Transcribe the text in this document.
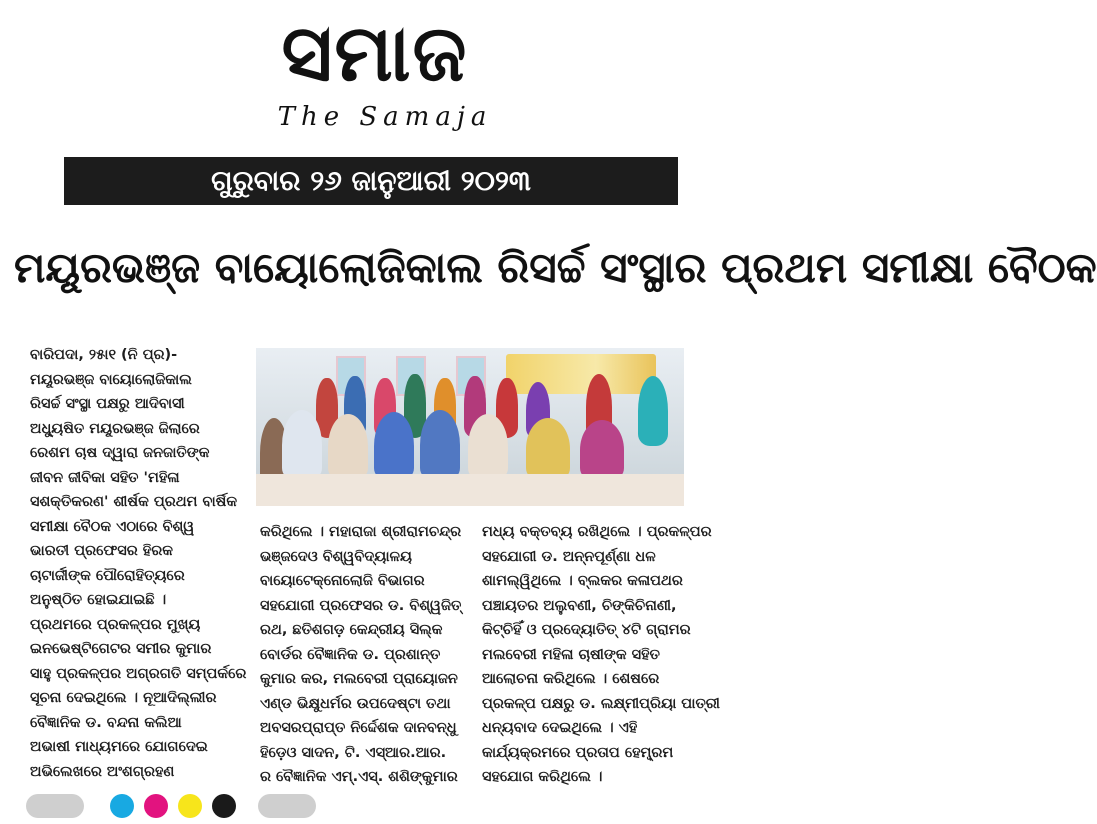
ସମାଜ
The Samaja
ଗୁରୁବାର ୨୬ ଜାନୁଆରୀ ୨୦୨୩
ମୟୂରଭଞ୍ଜ ବାୟୋଲୋଜିକାଲ ରିସର୍ଚ୍ଚ ସଂସ୍ଥାର ପ୍ରଥମ ସମୀକ୍ଷା ବୈଠକ

ବାରିପଦା, ୨୫ା୧ (ନି ପ୍ର)-

ମୟୂରଭଞ୍ଜ ବାୟୋଲୋଜିକାଲ

ରିସର୍ଚ୍ଚ ସଂସ୍ଥା ପକ୍ଷରୁ ଆଦିବାସୀ

ଅଧ୍ୟୁଷିତ ମୟୂରଭଞ୍ଜ ଜିଲାରେ

ରେଶମ ଚାଷ ଦ୍ୱାରା ଜନଜାତିଙ୍କ

ଜୀବନ ଜୀବିକା ସହିତ 'ମହିଳା

ସଶକ୍ତିକରଣ' ଶୀର୍ଷକ ପ୍ରଥମ ବାର୍ଷିକ

ସମୀକ୍ଷା ବୈଠକ ଏଠାରେ ବିଶ୍ୱ

ଭାରତୀ ପ୍ରଫେସର ହିରକ

ଚାଟାର୍ଜୀଙ୍କ ପୌରୋହିତ୍ୟରେ

ଅନୁଷ୍ଠିତ ହୋଇଯାଇଛି ।

ପ୍ରଥମରେ ପ୍ରକଳ୍ପର ମୁଖ୍ୟ

ଇନଭେଷ୍ଟିଗେଟର ସମୀର କୁମାର

ସାହୁ ପ୍ରକଳ୍ପର ଅଗ୍ରଗତି ସମ୍ପର୍କରେ

ସୂଚନା ଦେଇଥିଲେ । ନୂଆଦିଲ୍ଲୀର

ବୈଜ୍ଞାନିକ ଡ. ବନ୍ଦନା କଲିଆ

ଅଭାଷୀ ମାଧ୍ୟମରେ ଯୋଗଦେଇ

ଅଭିଲେଖରେ ଅଂଶଗ୍ରହଣ

କରିଥିଲେ । ମହାରାଜା ଶ୍ରୀରାମଚନ୍ଦ୍ର

ଭଞ୍ଜଦେଓ ବିଶ୍ୱବିଦ୍ୟାଳୟ

ବାୟୋଟେକ୍ନୋଲୋଜି ବିଭାଗର

ସହଯୋଗୀ ପ୍ରଫେସର ଡ. ବିଶ୍ୱଜିତ୍

ରଥ, ଛତିଶଗଡ଼ କେନ୍ଦ୍ରୀୟ ସିଲ୍କ

ବୋର୍ଡର ବୈଜ୍ଞାନିକ ଡ. ପ୍ରଶାନ୍ତ

କୁମାର କର, ମଲବେରୀ ପ୍ରାୟୋଜନ

ଏଣ୍ଡ ଭିକ୍ଷୁଧର୍ମର ଉପଦେଷ୍ଟା ତଥା

ଅବସରପ୍ରାପ୍ତ ନିର୍ଦ୍ଦେଶକ ଦାନବନ୍ଧୁ

ହିଡ଼େଓ ସାଦନ, ଟି. ଏସ୍ଆର.ଆର.

ର ବୈଜ୍ଞାନିକ ଏମ୍.ଏସ୍. ଶଶିଙ୍କୁମାର

ମଧ୍ୟ ବକ୍ତବ୍ୟ ରଖିଥିଲେ । ପ୍ରକଳ୍ପର

ସହଯୋଗୀ ଡ. ଅନ୍ନପୂର୍ଣ୍ଣା ଧଳ

ଶାମଲ୍ୱିଥିଲେ । ବ୍ଲକର କଳାପଥର

ପଞ୍ଚାୟତର ଅଲୁବଣୀ, ଚିଙ୍କିଚିନାଣୀ,

କିଟ୍‌ଚିହିଁ ଓ ପ୍ରଦ୍ୟୋତିତ୍ ୪ଟି ଗ୍ରାମର

ମଲବେରୀ ମହିଳା ଚାଷୀଙ୍କ ସହିତ

ଆଲୋଚନା କରିଥିଲେ । ଶେଷରେ

ପ୍ରକଳ୍ପ ପକ୍ଷରୁ ଡ. ଲକ୍ଷ୍ମୀପ୍ରିୟା ପାତ୍ରୀ

ଧନ୍ୟବାଦ ଦେଇଥିଲେ । ଏହି

କାର୍ଯ୍ୟକ୍ରମରେ ପ୍ରତାପ ହେମ୍ବ୍ରମ

ସହଯୋଗ କରିଥିଲେ ।
